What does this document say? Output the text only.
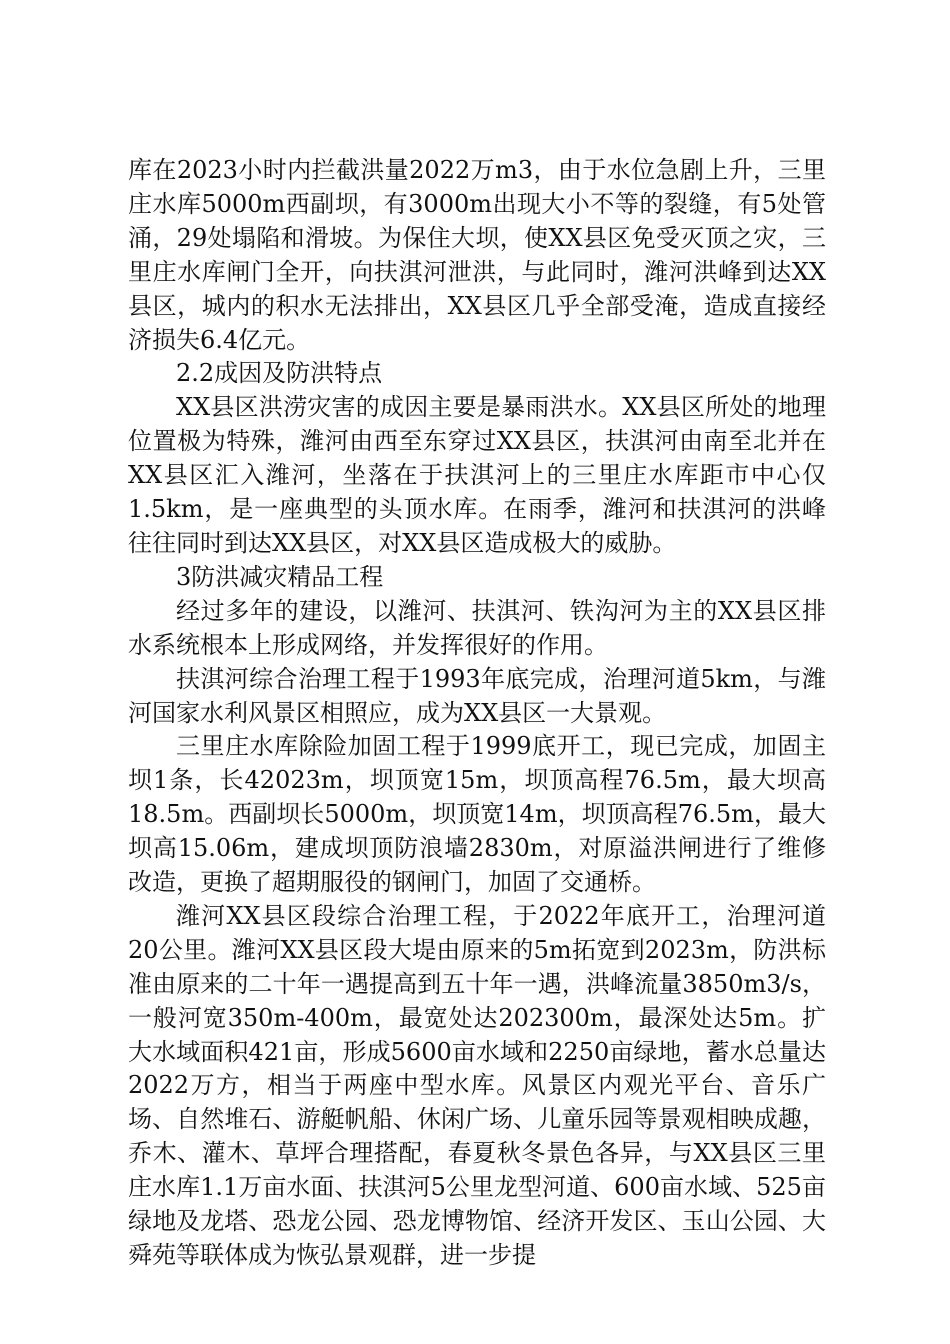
库在2023小时内拦截洪量2022万m3，由于水位急剧上升，三里庄水库5000m西副坝，有3000m出现大小不等的裂缝，有5处管涌，29处塌陷和滑坡。为保住大坝，使XX县区免受灭顶之灾，三里庄水库闸门全开，向扶淇河泄洪，与此同时，潍河洪峰到达XX县区，城内的积水无法排出，XX县区几乎全部受淹，造成直接经济损失6.4亿元。

2.2成因及防洪特点

XX县区洪涝灾害的成因主要是暴雨洪水。XX县区所处的地理位置极为特殊，潍河由西至东穿过XX县区，扶淇河由南至北并在XX县区汇入潍河，坐落在于扶淇河上的三里庄水库距市中心仅1.5km，是一座典型的头顶水库。在雨季，潍河和扶淇河的洪峰往往同时到达XX县区，对XX县区造成极大的威胁。

3防洪减灾精品工程

经过多年的建设，以潍河、扶淇河、铁沟河为主的XX县区排水系统根本上形成网络，并发挥很好的作用。

扶淇河综合治理工程于1993年底完成，治理河道5km，与潍河国家水利风景区相照应，成为XX县区一大景观。

三里庄水库除险加固工程于1999底开工，现已完成，加固主坝1条，长42023m，坝顶宽15m，坝顶高程76.5m，最大坝高18.5m。西副坝长5000m，坝顶宽14m，坝顶高程76.5m，最大坝高15.06m，建成坝顶防浪墙2830m，对原溢洪闸进行了维修改造，更换了超期服役的钢闸门，加固了交通桥。

潍河XX县区段综合治理工程，于2022年底开工，治理河道20公里。潍河XX县区段大堤由原来的5m拓宽到2023m，防洪标准由原来的二十年一遇提高到五十年一遇，洪峰流量3850m3/s，一般河宽350m-400m，最宽处达202300m，最深处达5m。扩大水域面积421亩，形成5600亩水域和2250亩绿地，蓄水总量达2022万方，相当于两座中型水库。风景区内观光平台、音乐广场、自然堆石、游艇帆船、休闲广场、儿童乐园等景观相映成趣，乔木、灌木、草坪合理搭配，春夏秋冬景色各异，与XX县区三里庄水库1.1万亩水面、扶淇河5公里龙型河道、600亩水域、525亩绿地及龙塔、恐龙公园、恐龙博物馆、经济开发区、玉山公园、大舜苑等联体成为恢弘景观群，进一步提
